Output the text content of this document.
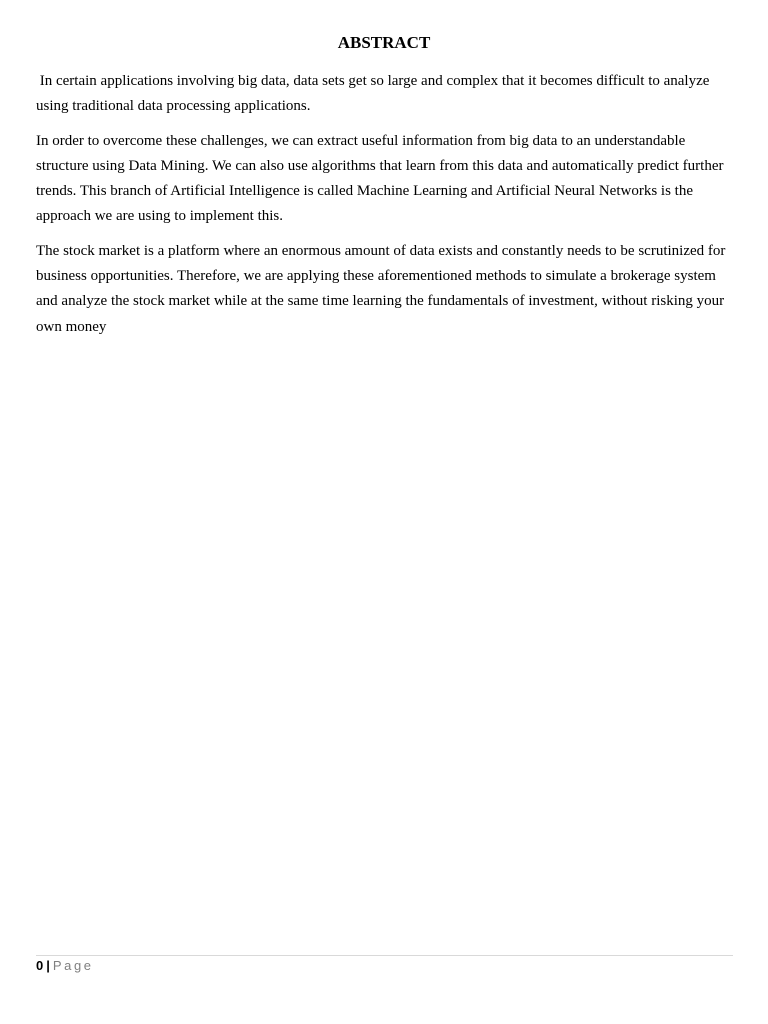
ABSTRACT

In certain applications involving big data, data sets get so large and complex that it becomes difficult to analyze using traditional data processing applications.

In order to overcome these challenges, we can extract useful information from big data to an understandable structure using Data Mining. We can also use algorithms that learn from this data and automatically predict further trends. This branch of Artificial Intelligence is called Machine Learning and Artificial Neural Networks is the approach we are using to implement this.

The stock market is a platform where an enormous amount of data exists and constantly needs to be scrutinized for business opportunities. Therefore, we are applying these aforementioned methods to simulate a brokerage system and analyze the stock market while at the same time learning the fundamentals of investment, without risking your own money

0 | Page
